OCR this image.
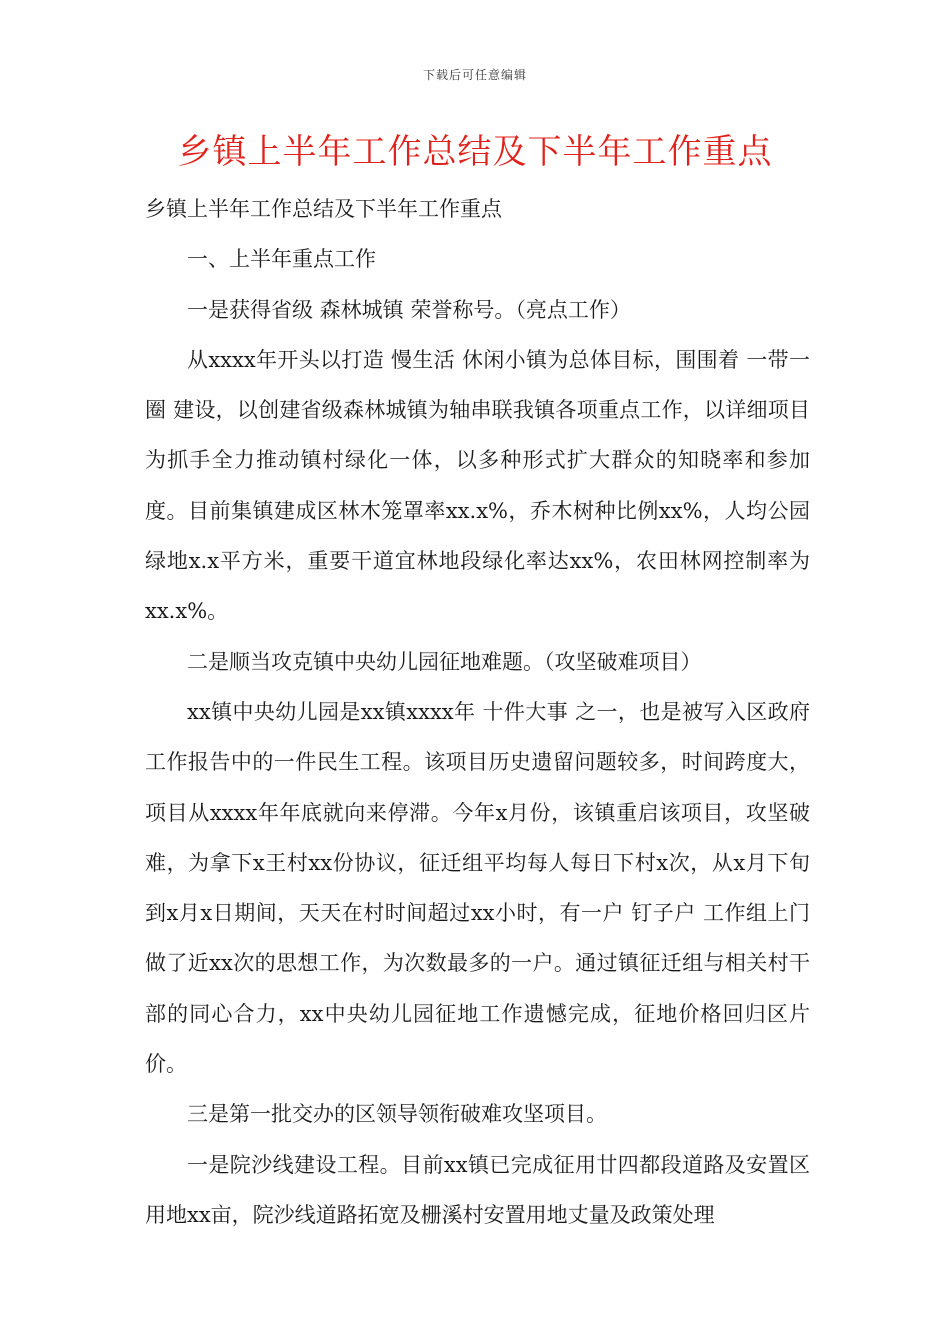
下载后可任意编辑
乡镇上半年工作总结及下半年工作重点

乡镇上半年工作总结及下半年工作重点

一、上半年重点工作

一是获得省级 森林城镇 荣誉称号。（亮点工作）

从xxxx年开头以打造 慢生活 休闲小镇为总体目标，围围着 一带一圈 建设，以创建省级森林城镇为轴串联我镇各项重点工作，以详细项目为抓手全力推动镇村绿化一体，以多种形式扩大群众的知晓率和参加度。目前集镇建成区林木笼罩率xx.x%，乔木树种比例xx%，人均公园绿地x.x平方米，重要干道宜林地段绿化率达xx%，农田林网控制率为xx.x%。

二是顺当攻克镇中央幼儿园征地难题。（攻坚破难项目）

xx镇中央幼儿园是xx镇xxxx年 十件大事 之一，也是被写入区政府工作报告中的一件民生工程。该项目历史遗留问题较多，时间跨度大，项目从xxxx年年底就向来停滞。今年x月份，该镇重启该项目，攻坚破难，为拿下x王村xx份协议，征迁组平均每人每日下村x次，从x月下旬到x月x日期间，天天在村时间超过xx小时，有一户 钉子户 工作组上门做了近xx次的思想工作，为次数最多的一户。通过镇征迁组与相关村干部的同心合力，xx中央幼儿园征地工作遗憾完成，征地价格回归区片价。

三是第一批交办的区领导领衔破难攻坚项目。

一是院沙线建设工程。目前xx镇已完成征用廿四都段道路及安置区用地xx亩，院沙线道路拓宽及栅溪村安置用地丈量及政策处理
